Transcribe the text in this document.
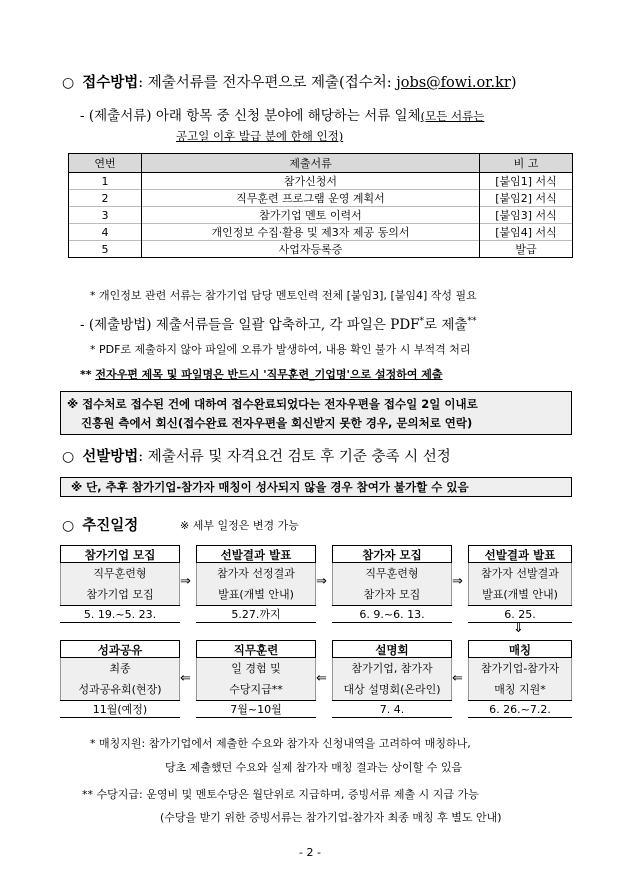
○ 접수방법: 제출서류를 전자우편으로 제출(접수처: jobs@fowi.or.kr)
- (제출서류) 아래 항목 중 신청 분야에 해당하는 서류 일체(모든 서류는
공고일 이후 발급 분에 한해 인정)
연번	제출서류	비 고
1	참가신청서	[붙임1] 서식
2	직무훈련 프로그램 운영 계획서	[붙임2] 서식
3	참가기업 멘토 이력서	[붙임3] 서식
4	개인정보 수집·활용 및 제3자 제공 동의서	[붙임4] 서식
5	사업자등록증	발급
* 개인정보 관련 서류는 참가기업 담당 멘토인력 전체 [붙임3], [붙임4] 작성 필요
- (제출방법) 제출서류들을 일괄 압축하고, 각 파일은 PDF*로 제출**
* PDF로 제출하지 않아 파일에 오류가 발생하여, 내용 확인 불가 시 부적격 처리
** 전자우편 제목 및 파일명은 반드시 '직무훈련_기업명'으로 설정하여 제출
※ 접수처로 접수된 건에 대하여 접수완료되었다는 전자우편을 접수일 2일 이내로
진흥원 측에서 회신(접수완료 전자우편을 회신받지 못한 경우, 문의처로 연락)
○ 선발방법: 제출서류 및 자격요건 검토 후 기준 충족 시 선정
※ 단, 추후 참가기업-참가자 매칭이 성사되지 않을 경우 참여가 불가할 수 있음
○ 추진일정	※ 세부 일정은 변경 가능
참가기업 모집
직무훈련형
참가기업 모집
5. 19.~5. 23.
⇒
선발결과 발표
참가자 선정결과
발표(개별 안내)
5.27.까지
⇒
참가자 모집
직무훈련형
참가자 모집
6. 9.~6. 13.
⇒
선발결과 발표
참가자 선발결과
발표(개별 안내)
6. 25.
⇓
성과공유
최종
성과공유회(현장)
11월(예정)
⇐
직무훈련
일 경험 및
수당지급**
7월~10월
⇐
설명회
참가기업, 참가자
대상 설명회(온라인)
7. 4.
⇐
매칭
참가기업-참가자
매칭 지원*
6. 26.~7.2.
* 매칭지원: 참가기업에서 제출한 수요와 참가자 신청내역을 고려하여 매칭하나,
당초 제출했던 수요와 실제 참가자 매칭 결과는 상이할 수 있음
** 수당지급: 운영비 및 멘토수당은 월단위로 지급하며, 증빙서류 제출 시 지급 가능
(수당을 받기 위한 증빙서류는 참가기업-참가자 최종 매칭 후 별도 안내)
- 2 -
